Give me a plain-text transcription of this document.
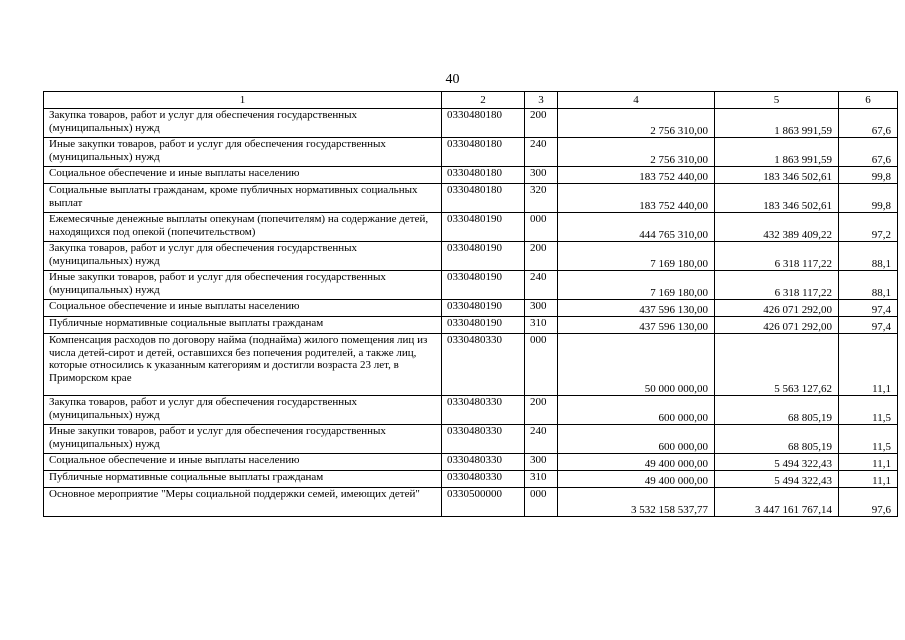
40
1	2	3	4	5	6
Закупка товаров, работ и услуг для обеспечения государственных (муниципальных) нужд	0330480180	200	2 756 310,00	1 863 991,59	67,6
Иные закупки товаров, работ и услуг для обеспечения государственных (муниципальных) нужд	0330480180	240	2 756 310,00	1 863 991,59	67,6
Социальное обеспечение и иные выплаты населению	0330480180	300	183 752 440,00	183 346 502,61	99,8
Социальные выплаты гражданам, кроме публичных нормативных социальных выплат	0330480180	320	183 752 440,00	183 346 502,61	99,8
Ежемесячные денежные выплаты опекунам (попечителям) на содержание детей, находящихся под опекой (попечительством)	0330480190	000	444 765 310,00	432 389 409,22	97,2
Закупка товаров, работ и услуг для обеспечения государственных (муниципальных) нужд	0330480190	200	7 169 180,00	6 318 117,22	88,1
Иные закупки товаров, работ и услуг для обеспечения государственных (муниципальных) нужд	0330480190	240	7 169 180,00	6 318 117,22	88,1
Социальное обеспечение и иные выплаты населению	0330480190	300	437 596 130,00	426 071 292,00	97,4
Публичные нормативные социальные выплаты гражданам	0330480190	310	437 596 130,00	426 071 292,00	97,4
Компенсация расходов по договору найма (поднайма) жилого помещения лиц из числа детей-сирот и детей, оставшихся без попечения родителей, а также лиц, которые относились к указанным категориям и достигли возраста 23 лет, в Приморском крае	0330480330	000	50 000 000,00	5 563 127,62	11,1
Закупка товаров, работ и услуг для обеспечения государственных (муниципальных) нужд	0330480330	200	600 000,00	68 805,19	11,5
Иные закупки товаров, работ и услуг для обеспечения государственных (муниципальных) нужд	0330480330	240	600 000,00	68 805,19	11,5
Социальное обеспечение и иные выплаты населению	0330480330	300	49 400 000,00	5 494 322,43	11,1
Публичные нормативные социальные выплаты гражданам	0330480330	310	49 400 000,00	5 494 322,43	11,1
Основное мероприятие "Меры социальной поддержки семей, имеющих детей"	0330500000	000	3 532 158 537,77	3 447 161 767,14	97,6
